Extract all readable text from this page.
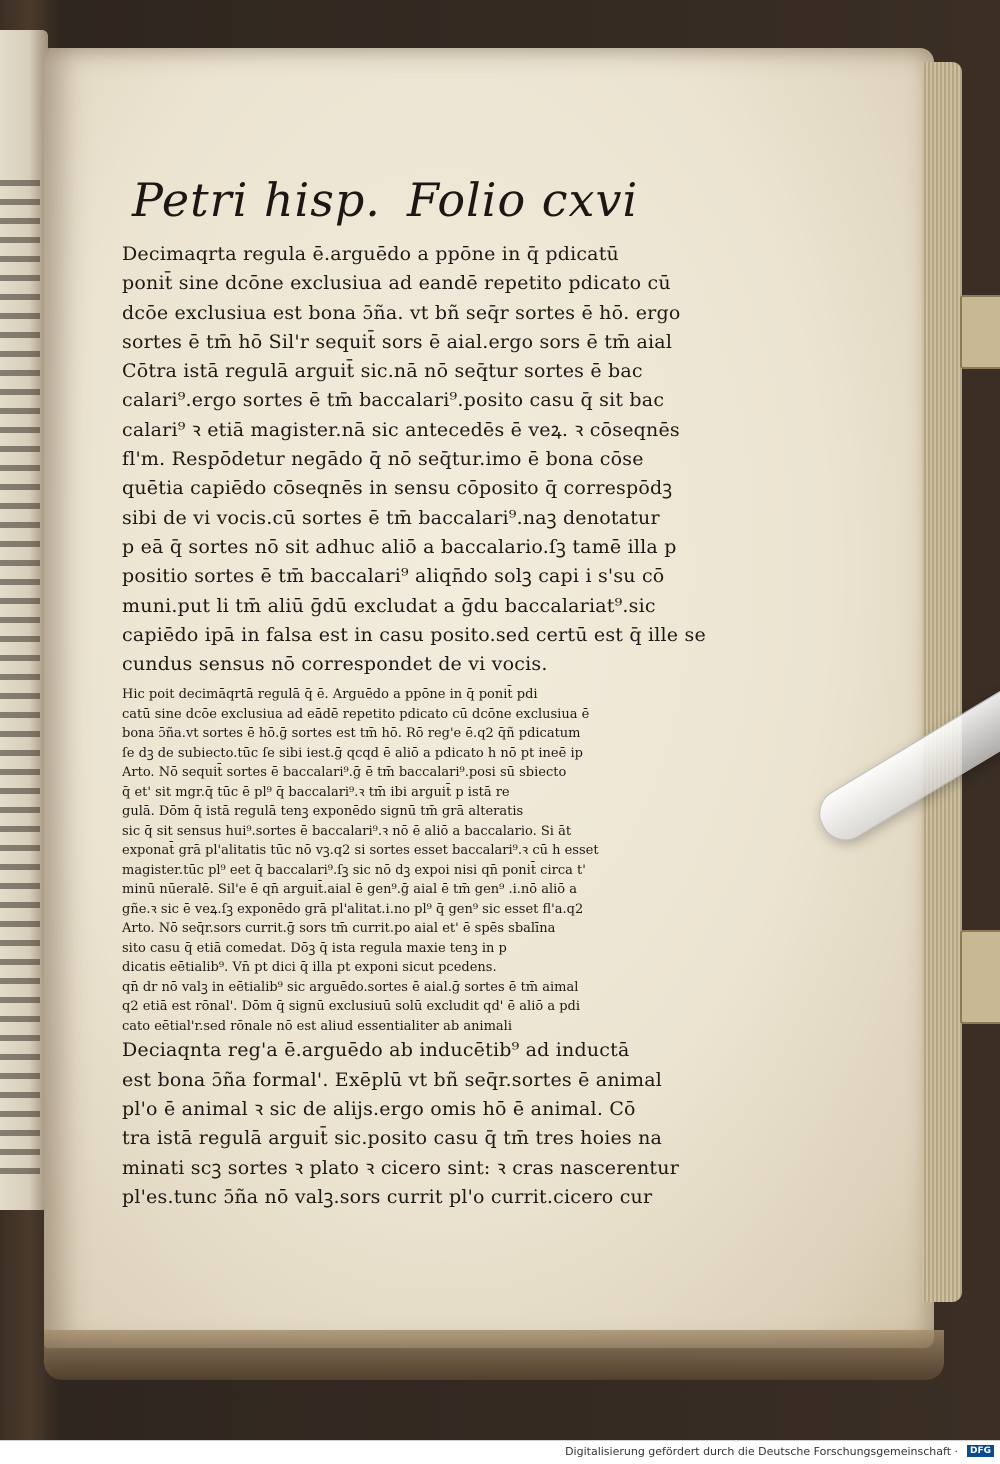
Petri hisp. Folio cxvi
Decimaqrta regula ē.arguēdo a ppōne in q̄ pdicatū
ponit̄ sine dcōne exclusiua ad eandē repetito pdicato cū
dcōe exclusiua est bona ɔ̄ña. vt bñ seq̄r sortes ē hō. ergo
sortes ē tm̄ hō Sil'r sequit̄ sors ē aial.ergo sors ē tm̄ aial
Cōtra istā regulā arguit̄ sic.nā nō seq̄tur sortes ē bac
calari⁹.ergo sortes ē tm̄ baccalari⁹.posito casu q̄ sit bac
calari⁹ ꝛ etiā magister.nā sic antecedēs ē veꝝ. ꝛ cōseqnēs
fl'm. Respōdetur negādo q̄ nō seq̄tur.imo ē bona cōse
quētia capiēdo cōseqnēs in sensu cōposito q̄ correspōdꝫ
sibi de vi vocis.cū sortes ē tm̄ baccalari⁹.naꝫ denotatur
p eā q̄ sortes nō sit adhuc aliō a baccalario.ſꝫ tamē illa p
positio sortes ē tm̄ baccalari⁹ aliqn̄do solꝫ capi i s'su cō
muni.put li tm̄ aliū ḡdū excludat a ḡdu baccalariat⁹.sic
capiēdo ipā in falsa est in casu posito.sed certū est q̄ ille se
cundus sensus nō correspondet de vi vocis.
Hic poit decimāqrtā regulā q̄ ē. Arguēdo a ppōne in q̄ ponit̄ pdi
catū sine dcōe exclusiua ad eādē repetito pdicato cū dcōne exclusiua ē
bona ɔ̄ña.vt sortes ē hō.ḡ sortes est tm̄ hō. Rō reg'e ē.q2 q̄ñ pdicatum
ſe dꝫ de subiecto.tūc ſe sibi iest.ḡ qcqd ē aliō a pdicato h nō pt ineē ip
Arto. Nō sequit̄ sortes ē baccalari⁹.ḡ ē tm̄ baccalari⁹.posi sū sbiecto
q̄ et' sit mgr.q̄ tūc ē pl⁹ q̄ baccalari⁹.ꝛ tm̄ ibi arguit̄ p istā re
gulā. Dōm q̄ istā regulā tenꝫ exponēdo signū tm̄ grā alteratis
sic q̄ sit sensus hui⁹.sortes ē baccalari⁹.ꝛ nō ē aliō a baccalario. Si āt
exponat̄ grā pl'alitatis tūc nō vꝫ.q2 si sortes esset baccalari⁹.ꝛ cū h esset
magister.tūc pl⁹ eet q̄ baccalari⁹.ſꝫ sic nō dꝫ expoi nisi qn̄ ponit̄ circa t'
minū nūeralē. Sil'e ē qn̄ arguit̄.aial ē gen⁹.ḡ aial ē tm̄ gen⁹ .i.nō aliō a
gñe.ꝛ sic ē veꝝ.ſꝫ exponēdo grā pl'alitat.i.no pl⁹ q̄ gen⁹ sic esset fl'a.q2
Arto. Nō seq̄r.sors currit.ḡ sors tm̄ currit.po aial et' ē spēs sbalīna
sito casu q̄ etiā comedat. Dōꝫ q̄ ista regula maxie tenꝫ in p
dicatis eētialib⁹. Vn̄ pt dici q̄ illa pt exponi sicut pcedens.
qn̄ dr nō valꝫ in eētialib⁹ sic arguēdo.sortes ē aial.ḡ sortes ē tm̄ aimal
q2 etiā est rōnal'. Dōm q̄ signū exclusiuū solū excludit qd' ē aliō a pdi
cato eētial'r.sed rōnale nō est aliud essentialiter ab animali
Deciaqnta reg'a ē.arguēdo ab inducētib⁹ ad inductā
est bona ɔ̄ña formal'. Exēplū vt bñ seq̄r.sortes ē animal
pl'o ē animal ꝛ sic de alijs.ergo omis hō ē animal. Cō
tra istā regulā arguit̄ sic.posito casu q̄ tm̄ tres hoies na
minati scꝫ sortes ꝛ plato ꝛ cicero sint: ꝛ cras nascerentur
pl'es.tunc ɔ̄ña nō valꝫ.sors currit pl'o currit.cicero cur
Digitalisierung gefördert durch die Deutsche Forschungsgemeinschaft ·	DFG
